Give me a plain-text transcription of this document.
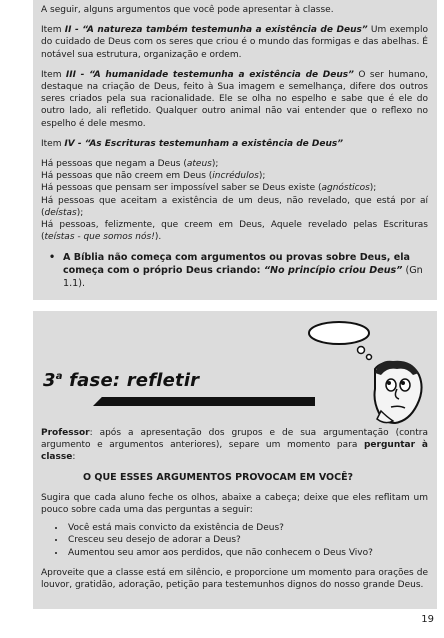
A seguir, alguns argumentos que você pode apresentar à classe.

Item II - “A natureza também testemunha a existência de Deus” Um exemplo do cuidado de Deus com os seres que criou é o mundo das formigas e das abelhas. É notável sua estrutura, organização e ordem.

Item III - “A humanidade testemunha a existência de Deus” O ser humano, destaque na criação de Deus, feito à Sua imagem e semelhança, difere dos outros seres criados pela sua racionalidade. Ele se olha no espelho e sabe que é ele do outro lado, ali refletido. Qualquer outro animal não vai entender que o reflexo no espelho é dele mesmo.

Item IV - “As Escrituras testemunham a existência de Deus”

Há pessoas que negam a Deus (ateus);

Há pessoas que não creem em Deus (incrédulos);

Há pessoas que pensam ser impossível saber se Deus existe (agnósticos);

Há pessoas que aceitam a existência de um deus, não revelado, que está por aí (deístas);

Há pessoas, felizmente, que creem em Deus, Aquele revelado pelas Escrituras (teístas - que somos nós!).

• A Bíblia não começa com argumentos ou provas sobre Deus, ela começa com o próprio Deus criando: “No princípio criou Deus” (Gn 1.1).
3$^a$ fase: refletir

Professor: após a apresentação dos grupos e de sua argumentação (contra argumento e argumentos anteriores), separe um momento para perguntar à classe:

O QUE ESSES ARGUMENTOS PROVOCAM EM VOCÊ?

Sugira que cada aluno feche os olhos, abaixe a cabeça; deixe que eles reflitam um pouco sobre cada uma das perguntas a seguir:

• Você está mais convicto da existência de Deus?
• Cresceu seu desejo de adorar a Deus?
• Aumentou seu amor aos perdidos, que não conhecem o Deus Vivo?

Aproveite que a classe está em silêncio, e proporcione um momento para orações de louvor, gratidão, adoração, petição para testemunhos dignos do nosso grande Deus.

19
